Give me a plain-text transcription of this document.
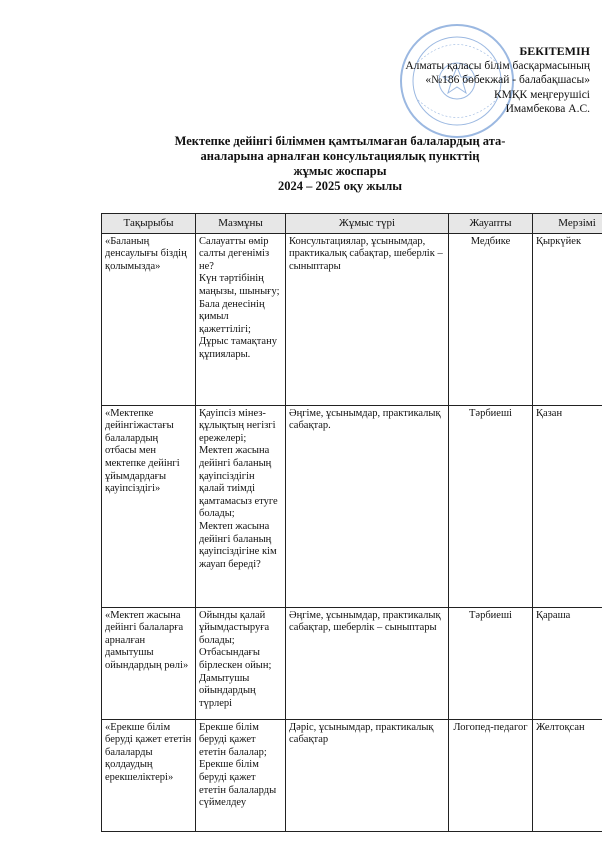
БЕКІТЕМІН
Алматы қаласы білім басқармасының
«№186 бөбекжай - балабақшасы»
КМҚК меңгерушісі
Имамбекова А.С.
Мектепке дейінгі біліммен қамтылмаған балалардың ата-
аналарына арналған консультациялық пункттің
жұмыс жоспары
2024 – 2025 оқу жылы
Тақырыбы	Мазмұны	Жұмыс түрі	Жауапты	Мерзімі
«Баланың денсаулығы біздің қолымызда»	Салауатты өмір салты дегеніміз не?
Күн тәртібінің маңызы, шынығу;
Бала денесінің қимыл қажеттілігі;
Дұрыс тамақтану құпиялары.	Консультациялар, ұсынымдар, практикалық сабақтар, шеберлік – сыныптары	Медбике	Қыркүйек
«Мектепке дейінгіжастағы балалардың отбасы мен мектепке дейінгі ұйымдардағы қауіпсіздігі»	Қауіпсіз мінез-құлықтың негізгі ережелері;
Мектеп жасына дейінгі баланың қауіпсіздігін қалай тиімді қамтамасыз етуге болады;
Мектеп жасына дейінгі баланың қауіпсіздігіне кім жауап береді?	Әңгіме, ұсынымдар, практикалық сабақтар.	Тәрбиеші	Қазан
«Мектеп жасына дейінгі балаларға арналған дамытушы ойындардың рөлі»	Ойынды қалай ұйымдастыруға болады;
Отбасындағы бірлескен ойын;
Дамытушы ойындардың түрлері	Әңгіме, ұсынымдар, практикалық сабақтар, шеберлік – сыныптары	Тәрбиеші	Қараша
«Ерекше білім беруді қажет ететін балаларды қолдаудың ерекшеліктері»	Ерекше білім беруді қажет ететін балалар;
Ерекше білім беруді қажет ететін балаларды сүймелдеу	Дәріс, ұсынымдар, практикалық сабақтар	Логопед-педагог	Желтоқсан
